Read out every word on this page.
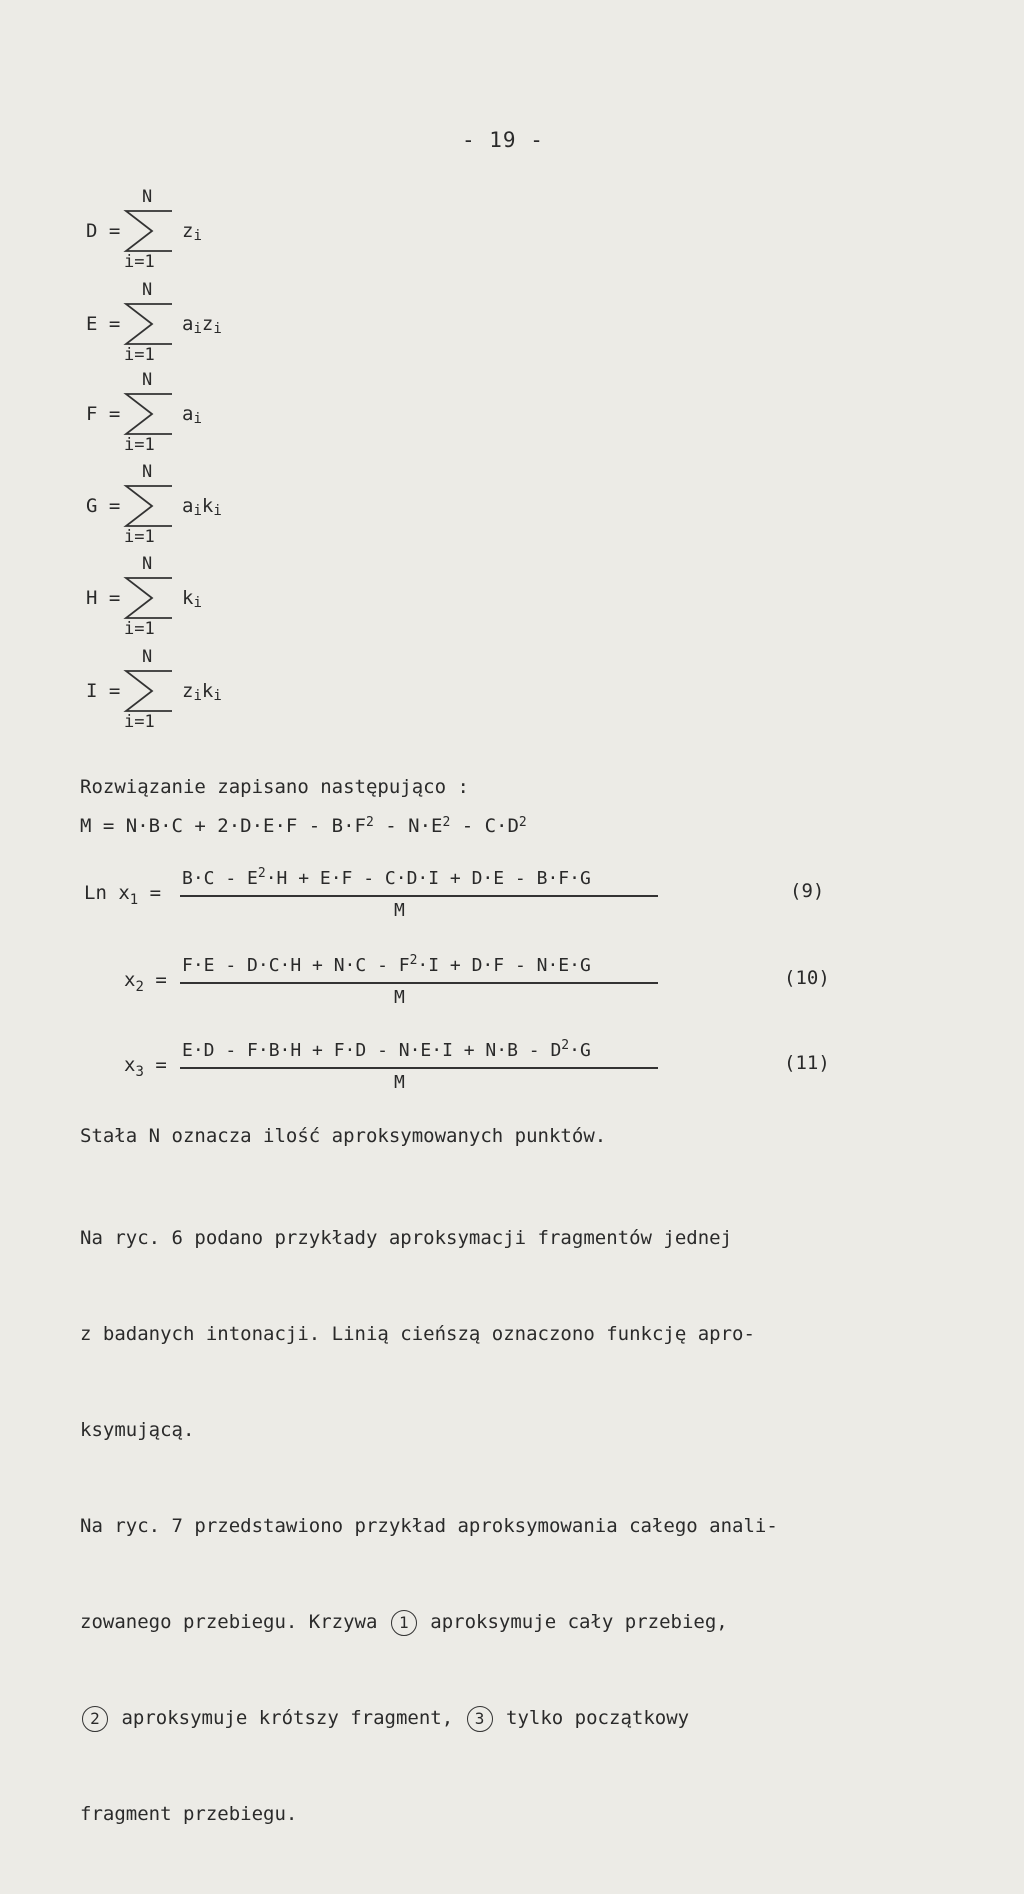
- 19 -
D =
N
i=1
$z_i$
E =
N
i=1
$a_iz_i$
F =
N
i=1
$a_i$
G =
N
i=1
$a_ik_i$
H =
N
i=1
$k_i$
I =
N
i=1
$z_ik_i$
Rozwiązanie zapisano następująco :
$M = N\cdot B\cdot C + 2\cdot D\cdot E\cdot F - B\cdot F^2 - N\cdot E^2 - C\cdot D^2$
Ln $x_1$ =
$B\cdot C - E^2\cdot H + E\cdot F - C\cdot D\cdot I + D\cdot E - B\cdot F\cdot G$
M
(9)
$x_2$ =
$F\cdot E - D\cdot C\cdot H + N\cdot C - F^2\cdot I + D\cdot F - N\cdot E\cdot G$
M
(10)
$x_3$ =
$E\cdot D - F\cdot B\cdot H + F\cdot D - N\cdot E\cdot I + N\cdot B - D^2\cdot G$
M
(11)
Stała N oznacza ilość aproksymowanych punktów.

Na ryc. 6 podano przykłady aproksymacji fragmentów jednej

z badanych intonacji. Linią cieńszą oznaczono funkcję apro-

ksymującą.

Na ryc. 7 przedstawiono przykład aproksymowania całego anali-

zowanego przebiegu. Krzywa 1 aproksymuje cały przebieg,

2 aproksymuje krótszy fragment, 3 tylko początkowy

fragment przebiegu.
